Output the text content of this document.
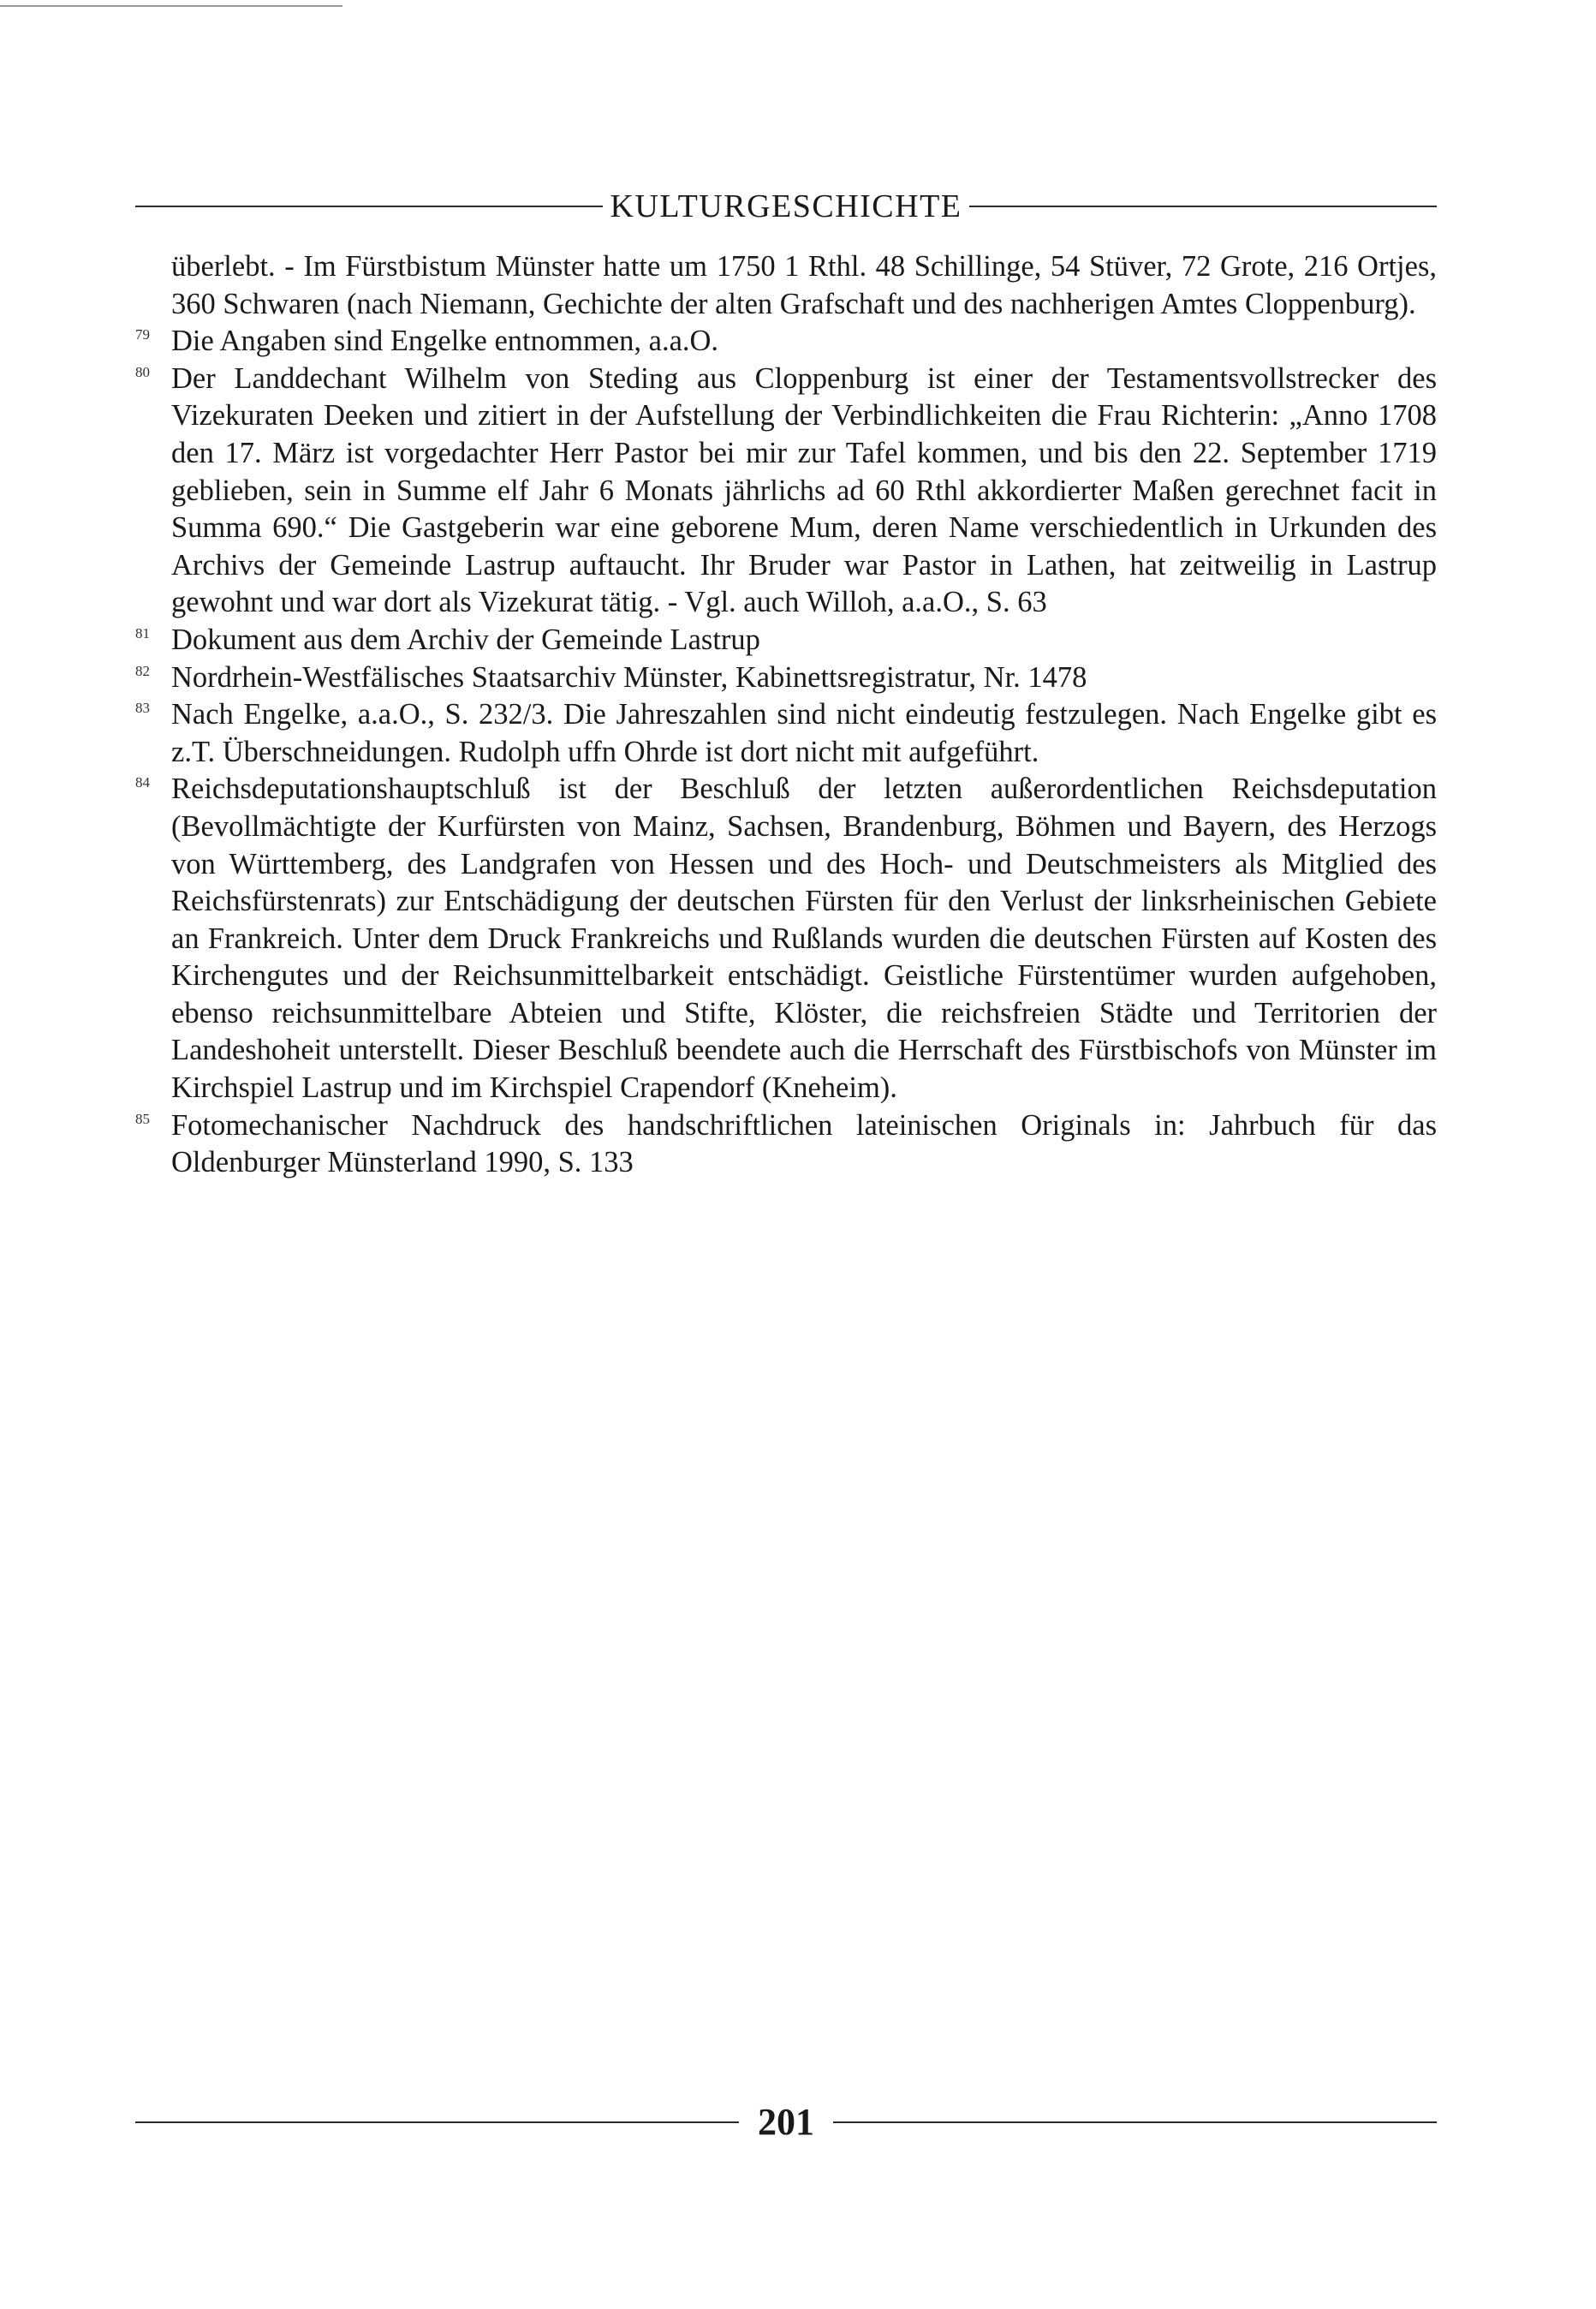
KULTURGESCHICHTE

überlebt. - Im Fürstbistum Münster hatte um 1750 1 Rthl. 48 Schillinge, 54 Stüver, 72 Grote, 216 Ortjes, 360 Schwaren (nach Niemann, Gechichte der alten Grafschaft und des nachherigen Amtes Cloppenburg).

79 Die Angaben sind Engelke entnommen, a.a.O.

80 Der Landdechant Wilhelm von Steding aus Cloppenburg ist einer der Testamentsvollstrecker des Vizekuraten Deeken und zitiert in der Aufstellung der Verbindlichkeiten die Frau Richterin: „Anno 1708 den 17. März ist vorgedachter Herr Pastor bei mir zur Tafel kommen, und bis den 22. September 1719 geblieben, sein in Summe elf Jahr 6 Monats jährlichs ad 60 Rthl akkordierter Maßen gerechnet facit in Summa 690.“ Die Gastgeberin war eine geborene Mum, deren Name verschiedentlich in Urkunden des Archivs der Gemeinde Lastrup auftaucht. Ihr Bruder war Pastor in Lathen, hat zeitweilig in Lastrup gewohnt und war dort als Vizekurat tätig. - Vgl. auch Willoh, a.a.O., S. 63

81 Dokument aus dem Archiv der Gemeinde Lastrup

82 Nordrhein-Westfälisches Staatsarchiv Münster, Kabinettsregistratur, Nr. 1478

83 Nach Engelke, a.a.O., S. 232/3. Die Jahreszahlen sind nicht eindeutig festzulegen. Nach Engelke gibt es z.T. Überschneidungen. Rudolph uffn Ohrde ist dort nicht mit aufgeführt.

84 Reichsdeputationshauptschluß ist der Beschluß der letzten außerordentlichen Reichsdeputation (Bevollmächtigte der Kurfürsten von Mainz, Sachsen, Brandenburg, Böhmen und Bayern, des Herzogs von Württemberg, des Landgrafen von Hessen und des Hoch- und Deutschmeisters als Mitglied des Reichsfürstenrats) zur Entschädigung der deutschen Fürsten für den Verlust der linksrheinischen Gebiete an Frankreich. Unter dem Druck Frankreichs und Rußlands wurden die deutschen Fürsten auf Kosten des Kirchengutes und der Reichsunmittelbarkeit entschädigt. Geistliche Fürstentümer wurden aufgehoben, ebenso reichsunmittelbare Abteien und Stifte, Klöster, die reichsfreien Städte und Territorien der Landeshoheit unterstellt. Dieser Beschluß beendete auch die Herrschaft des Fürstbischofs von Münster im Kirchspiel Lastrup und im Kirchspiel Crapendorf (Kneheim).

85 Fotomechanischer Nachdruck des handschriftlichen lateinischen Originals in: Jahrbuch für das Oldenburger Münsterland 1990, S. 133

201
